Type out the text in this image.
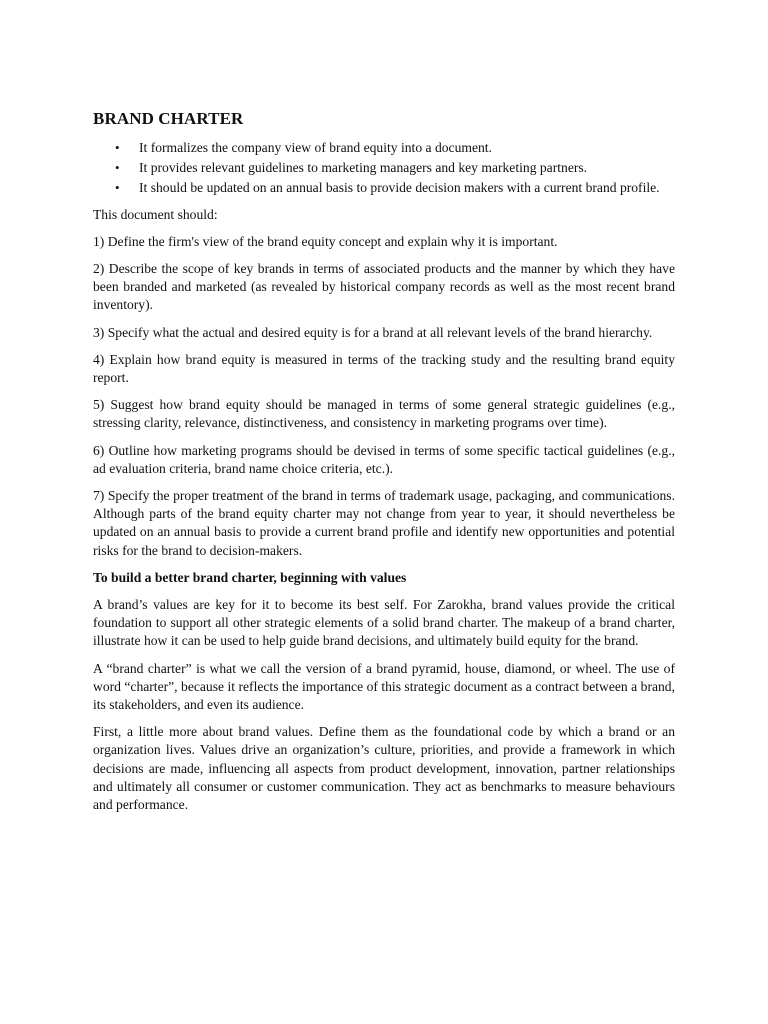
BRAND CHARTER
• It formalizes the company view of brand equity into a document.
• It provides relevant guidelines to marketing managers and key marketing partners.
• It should be updated on an annual basis to provide decision makers with a current brand profile.

This document should:

1) Define the firm's view of the brand equity concept and explain why it is important.

2) Describe the scope of key brands in terms of associated products and the manner by which they have been branded and marketed (as revealed by historical company records as well as the most recent brand inventory).

3) Specify what the actual and desired equity is for a brand at all relevant levels of the brand hierarchy.

4) Explain how brand equity is measured in terms of the tracking study and the resulting brand equity report.

5) Suggest how brand equity should be managed in terms of some general strategic guidelines (e.g., stressing clarity, relevance, distinctiveness, and consistency in marketing programs over time).

6) Outline how marketing programs should be devised in terms of some specific tactical guidelines (e.g., ad evaluation criteria, brand name choice criteria, etc.).

7) Specify the proper treatment of the brand in terms of trademark usage, packaging, and communications. Although parts of the brand equity charter may not change from year to year, it should nevertheless be updated on an annual basis to provide a current brand profile and identify new opportunities and potential risks for the brand to decision-makers.

To build a better brand charter, beginning with values

A brand’s values are key for it to become its best self. For Zarokha, brand values provide the critical foundation to support all other strategic elements of a solid brand charter. The makeup of a brand charter, illustrate how it can be used to help guide brand decisions, and ultimately build equity for the brand.

A “brand charter” is what we call the version of a brand pyramid, house, diamond, or wheel. The use of word “charter”, because it reflects the importance of this strategic document as a contract between a brand, its stakeholders, and even its audience.

First, a little more about brand values. Define them as the foundational code by which a brand or an organization lives. Values drive an organization’s culture, priorities, and provide a framework in which decisions are made, influencing all aspects from product development, innovation, partner relationships and ultimately all consumer or customer communication. They act as benchmarks to measure behaviours and performance.
